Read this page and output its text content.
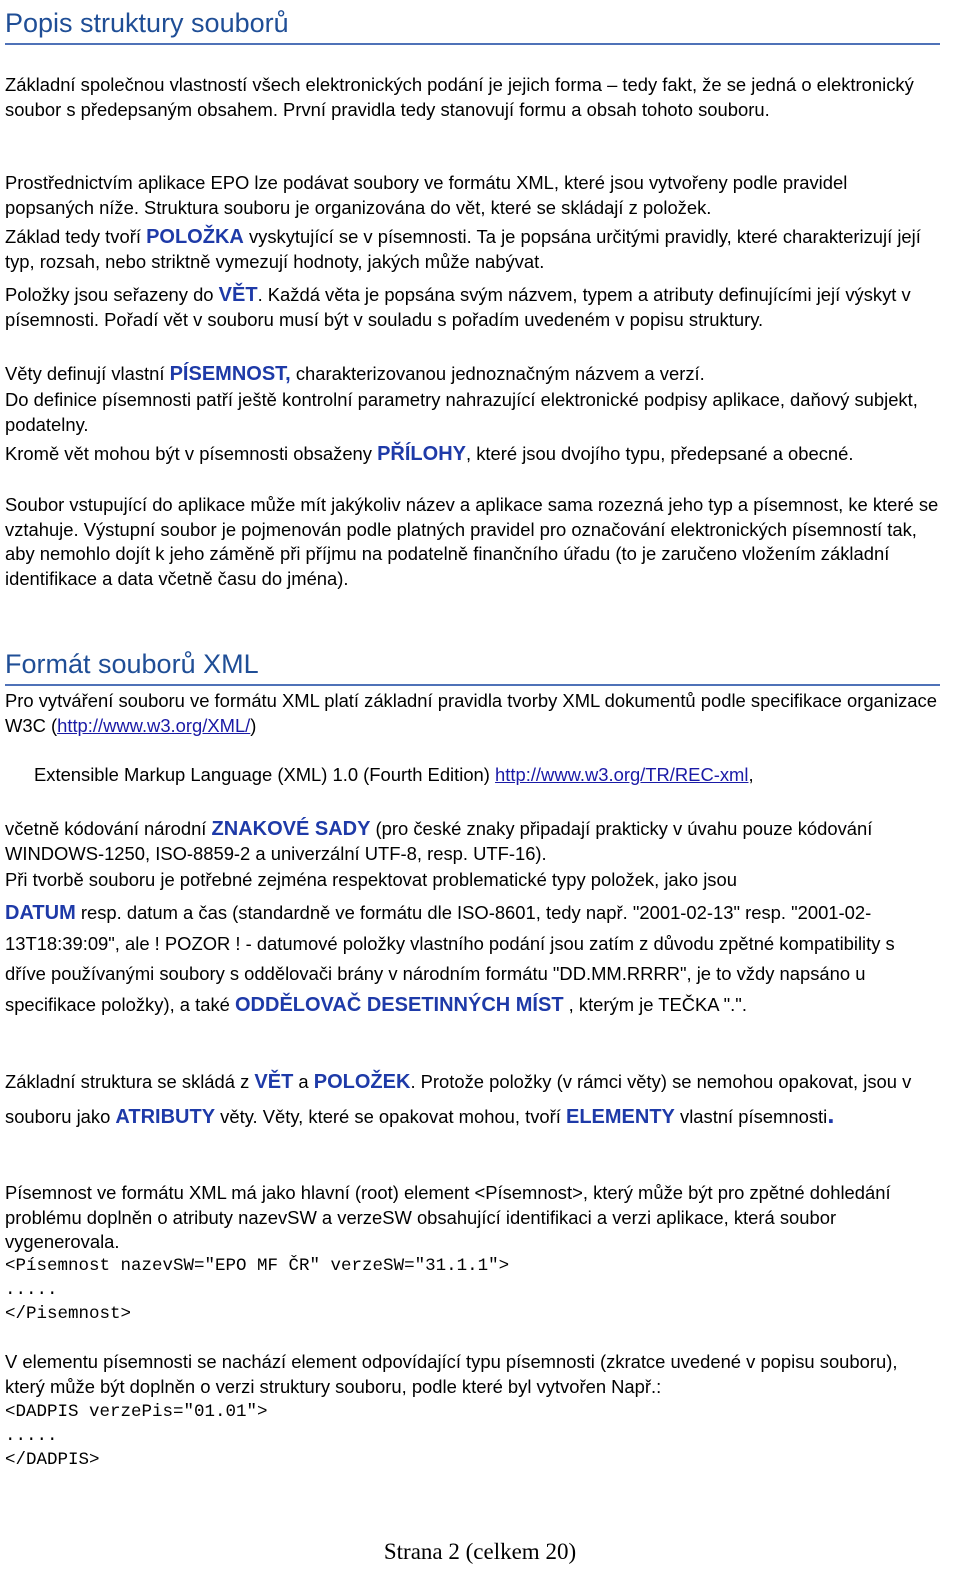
Popis struktury souborů
Základní společnou vlastností všech elektronických podání je jejich forma – tedy fakt, že se jedná o elektronický soubor s předepsaným obsahem. První pravidla tedy stanovují formu a obsah tohoto souboru.
Prostřednictvím aplikace EPO lze podávat soubory ve formátu XML, které jsou vytvořeny podle pravidel popsaných níže. Struktura souboru je organizována do vět, které se skládají z položek.
Základ tedy tvoří POLOŽKA vyskytující se v písemnosti. Ta je popsána určitými pravidly, které charakterizují její typ, rozsah, nebo striktně vymezují hodnoty, jakých může nabývat.
Položky jsou seřazeny do VĚT. Každá věta je popsána svým názvem, typem a atributy definujícími její výskyt v písemnosti. Pořadí vět v souboru musí být v souladu s pořadím uvedeném v popisu struktury.
Věty definují vlastní PÍSEMNOST, charakterizovanou jednoznačným názvem a verzí.
Do definice písemnosti patří ještě kontrolní parametry nahrazující elektronické podpisy aplikace, daňový subjekt, podatelny.
Kromě vět mohou být v písemnosti obsaženy PŘÍLOHY, které jsou dvojího typu, předepsané a obecné.
Soubor vstupující do aplikace může mít jakýkoliv název a aplikace sama rozezná jeho typ a písemnost, ke které se vztahuje. Výstupní soubor je pojmenován podle platných pravidel pro označování elektronických písemností tak, aby nemohlo dojít k jeho záměně při příjmu na podatelně finančního úřadu (to je zaručeno vložením základní identifikace a data včetně času do jména).
Formát souborů XML
Pro vytváření souboru ve formátu XML platí základní pravidla tvorby XML dokumentů podle specifikace organizace W3C (http://www.w3.org/XML/)
Extensible Markup Language (XML) 1.0 (Fourth Edition) http://www.w3.org/TR/REC-xml,
včetně kódování národní ZNAKOVÉ SADY (pro české znaky připadají prakticky v úvahu pouze kódování WINDOWS-1250, ISO-8859-2 a univerzální UTF-8, resp. UTF-16).
Při tvorbě souboru je potřebné zejména respektovat problematické typy položek, jako jsou
DATUM resp. datum a čas (standardně ve formátu dle ISO-8601, tedy např. "2001-02-13" resp. "2001-02-13T18:39:09", ale ! POZOR ! - datumové položky vlastního podání jsou zatím z důvodu zpětné kompatibility s dříve používanými soubory s oddělovači brány v národním formátu "DD.MM.RRRR", je to vždy napsáno u specifikace položky), a také ODDĚLOVAČ DESETINNÝCH MÍST , kterým je TEČKA ".".
Základní struktura se skládá z VĚT a POLOŽEK. Protože položky (v rámci věty) se nemohou opakovat, jsou v souboru jako ATRIBUTY věty. Věty, které se opakovat mohou, tvoří ELEMENTY vlastní písemnosti.
Písemnost ve formátu XML má jako hlavní (root) element <Písemnost>, který může být pro zpětné dohledání problému doplněn o atributy nazevSW a verzeSW obsahující identifikaci a verzi aplikace, která soubor vygenerovala.
<Písemnost nazevSW="EPO MF ČR" verzeSW="31.1.1">
.....
</Pisemnost>
V elementu písemnosti se nachází element odpovídající typu písemnosti (zkratce uvedené v popisu souboru), který může být doplněn o verzi struktury souboru, podle které byl vytvořen Např.:
<DADPIS verzePis="01.01">
.....
</DADPIS>
Strana 2 (celkem 20)
